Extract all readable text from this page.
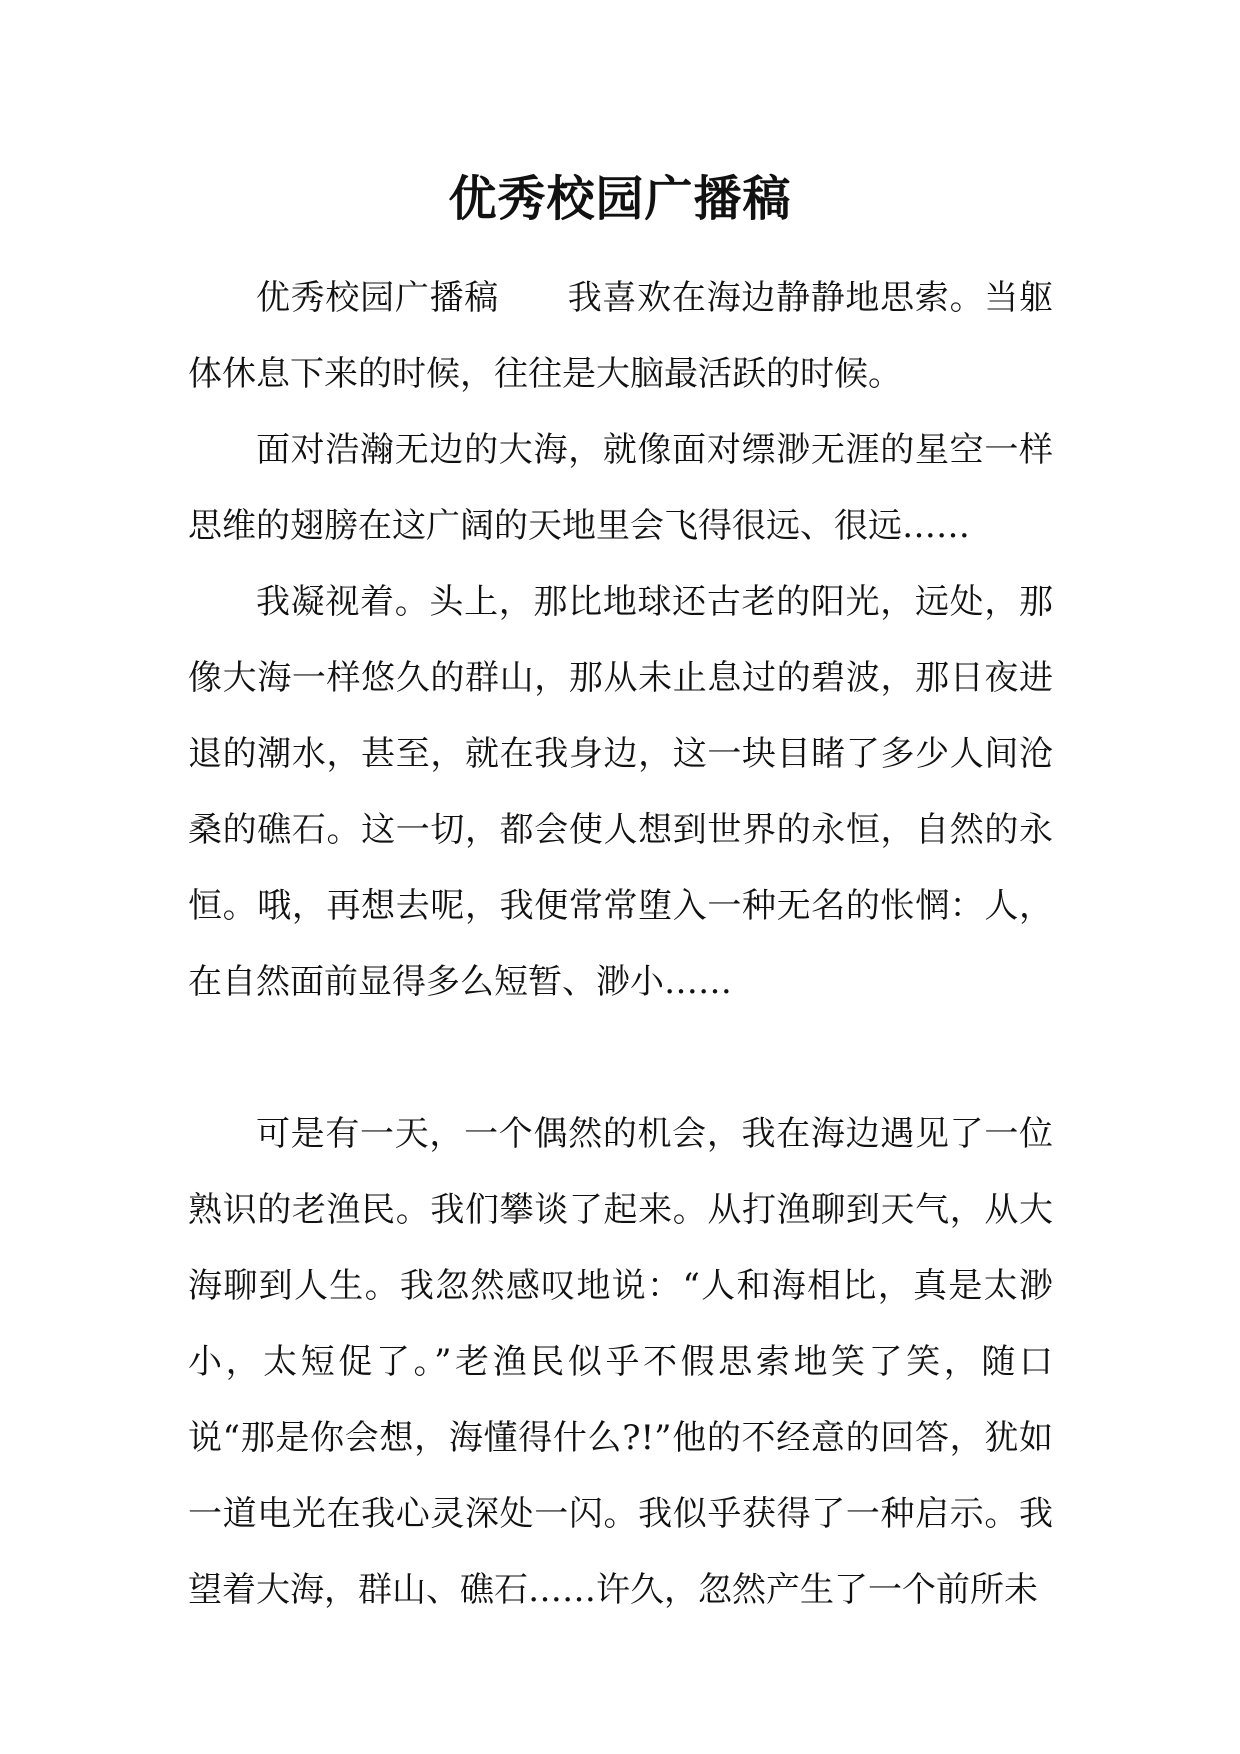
优秀校园广播稿

优秀校园广播稿 我喜欢在海边静静地思索。当躯体休息下来的时候，往往是大脑最活跃的时候。

面对浩瀚无边的大海，就像面对缥渺无涯的星空一样思维的翅膀在这广阔的天地里会飞得很远、很远……

我凝视着。头上，那比地球还古老的阳光，远处，那像大海一样悠久的群山，那从未止息过的碧波，那日夜进退的潮水，甚至，就在我身边，这一块目睹了多少人间沧桑的礁石。这一切，都会使人想到世界的永恒，自然的永恒。哦，再想去呢，我便常常堕入一种无名的怅惘：人，在自然面前显得多么短暂、渺小……

可是有一天，一个偶然的机会，我在海边遇见了一位熟识的老渔民。我们攀谈了起来。从打渔聊到天气，从大海聊到人生。我忽然感叹地说：“人和海相比，真是太渺小，太短促了。”老渔民似乎不假思索地笑了笑，随口说“那是你会想，海懂得什么?!”他的不经意的回答，犹如一道电光在我心灵深处一闪。我似乎获得了一种启示。我望着大海，群山、礁石……许久，忽然产生了一个前所未
